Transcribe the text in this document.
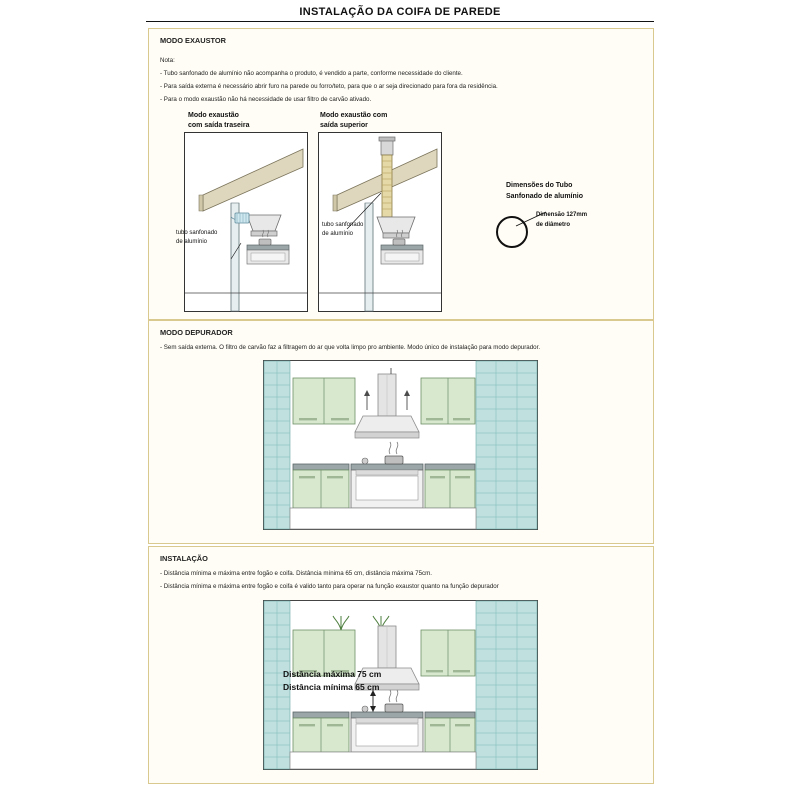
INSTALAÇÃO DA COIFA DE PAREDE
MODO EXAUSTOR
Nota:
- Tubo sanfonado de alumínio não acompanha o produto, é vendido a parte, conforme necessidade do cliente.
- Para saída externa é necessário abrir furo na parede ou forro/teto, para que o ar seja direcionado para fora da residência.
- Para o modo exaustão não há necessidade de usar filtro de carvão ativado.
Modo exaustão
com saída traseira
Modo exaustão com
saída superior
tubo sanfonado
de alumínio
tubo sanfonado
de alumínio
Dimensões do Tubo
Sanfonado de alumínio
Dimensão 127mm
de diâmetro
MODO DEPURADOR
- Sem saída externa. O filtro de carvão faz a filtragem do ar que volta limpo pro ambiente. Modo único de instalação para modo depurador.
INSTALAÇÃO
- Distância mínima e máxima entre fogão e coifa. Distância mínima 65 cm, distância máxima 75cm.
- Distância mínima e máxima entre fogão e coifa é valido tanto para operar na função exaustor quanto na função depurador
Distância máxima 75 cm
Distância mínima 65 cm
